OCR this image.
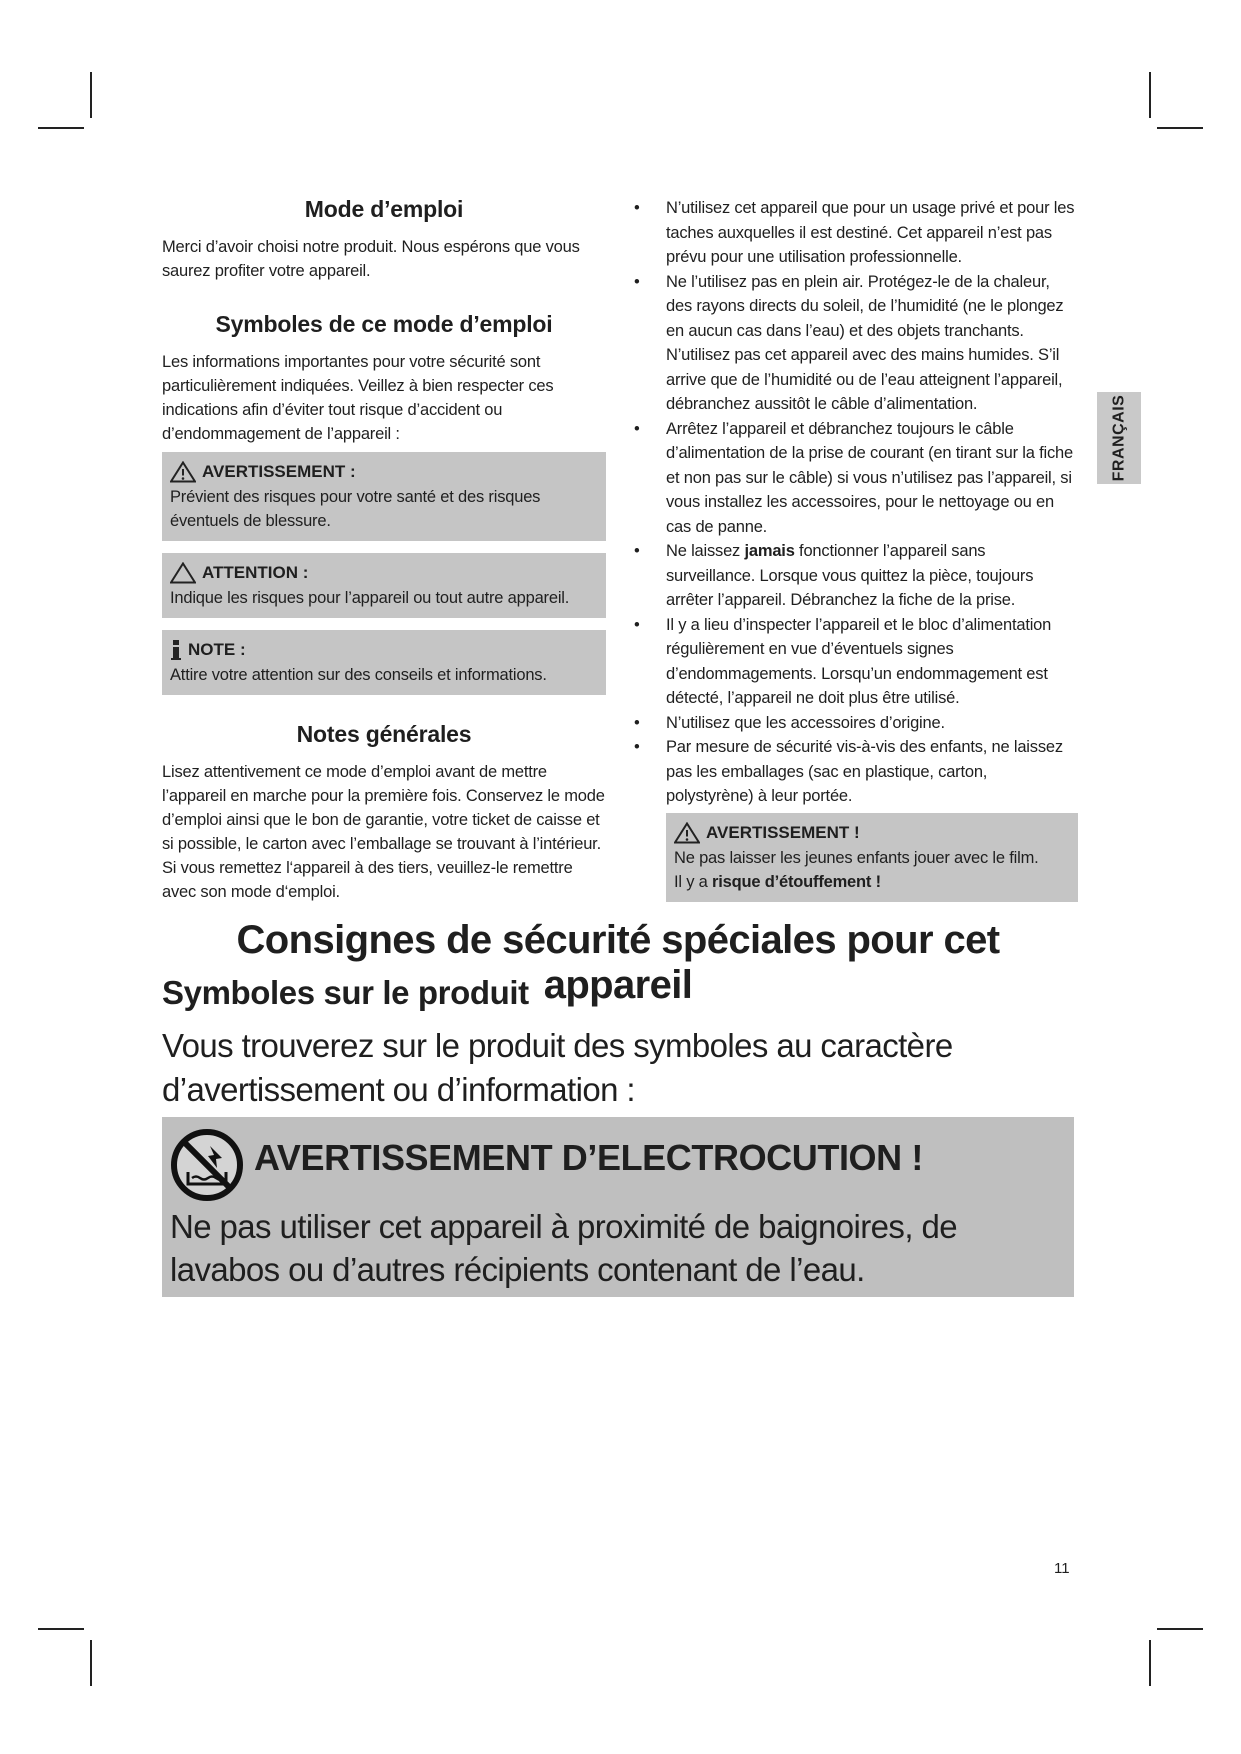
FRANÇAIS
Mode d’emploi

Merci d’avoir choisi notre produit. Nous espérons que vous saurez profiter votre appareil.

Symboles de ce mode d’emploi

Les informations importantes pour votre sécurité sont particulièrement indiquées. Veillez à bien respecter ces indications afin d’éviter tout risque d’accident ou d’endommagement de l’appareil :

AVERTISSEMENT :
Prévient des risques pour votre santé et des risques éventuels de blessure.
ATTENTION :
Indique les risques pour l’appareil ou tout autre appareil.
NOTE :
Attire votre attention sur des conseils et informations.
Notes générales

Lisez attentivement ce mode d’emploi avant de mettre l’appareil en marche pour la première fois. Conservez le mode d’emploi ainsi que le bon de garantie, votre ticket de caisse et si possible, le carton avec l’emballage se trouvant à l’intérieur.

Si vous remettez l‘appareil à des tiers, veuillez-le remettre avec son mode d‘emploi.

• N’utilisez cet appareil que pour un usage privé et pour les taches auxquelles il est destiné. Cet appareil n’est pas prévu pour une utilisation professionnelle.
• Ne l’utilisez pas en plein air. Protégez-le de la chaleur, des rayons directs du soleil, de l’humidité (ne le plongez en aucun cas dans l’eau) et des objets tranchants. N’utilisez pas cet appareil avec des mains humides. S’il arrive que de l’humidité ou de l’eau atteignent l’appareil, débranchez aussitôt le câble d’alimentation.
• Arrêtez l’appareil et débranchez toujours le câble d’alimentation de la prise de courant (en tirant sur la fiche et non pas sur le câble) si vous n’utilisez pas l’appareil, si vous installez les accessoires, pour le nettoyage ou en cas de panne.
• Ne laissez jamais fonctionner l’appareil sans surveillance. Lorsque vous quittez la pièce, toujours arrêter l’appareil. Débranchez la fiche de la prise.
• Il y a lieu d’inspecter l’appareil et le bloc d’alimentation régulièrement en vue d’éventuels signes d’endommagements. Lorsqu’un endommagement est détecté, l’appareil ne doit plus être utilisé.
• N’utilisez que les accessoires d’origine.
• Par mesure de sécurité vis-à-vis des enfants, ne laissez pas les emballages (sac en plastique, carton, polystyrène) à leur portée.
AVERTISSEMENT !
Ne pas laisser les jeunes enfants jouer avec le film.
Il y a risque d’étouffement !
Consignes de sécurité spéciales pour cet appareil
Symboles sur le produit

Vous trouverez sur le produit des symboles au caractère d’avertissement ou d’information :

AVERTISSEMENT D’ELECTROCUTION !
Ne pas utiliser cet appareil à proximité de baignoires, de lavabos ou d’autres récipients contenant de l’eau.
11
